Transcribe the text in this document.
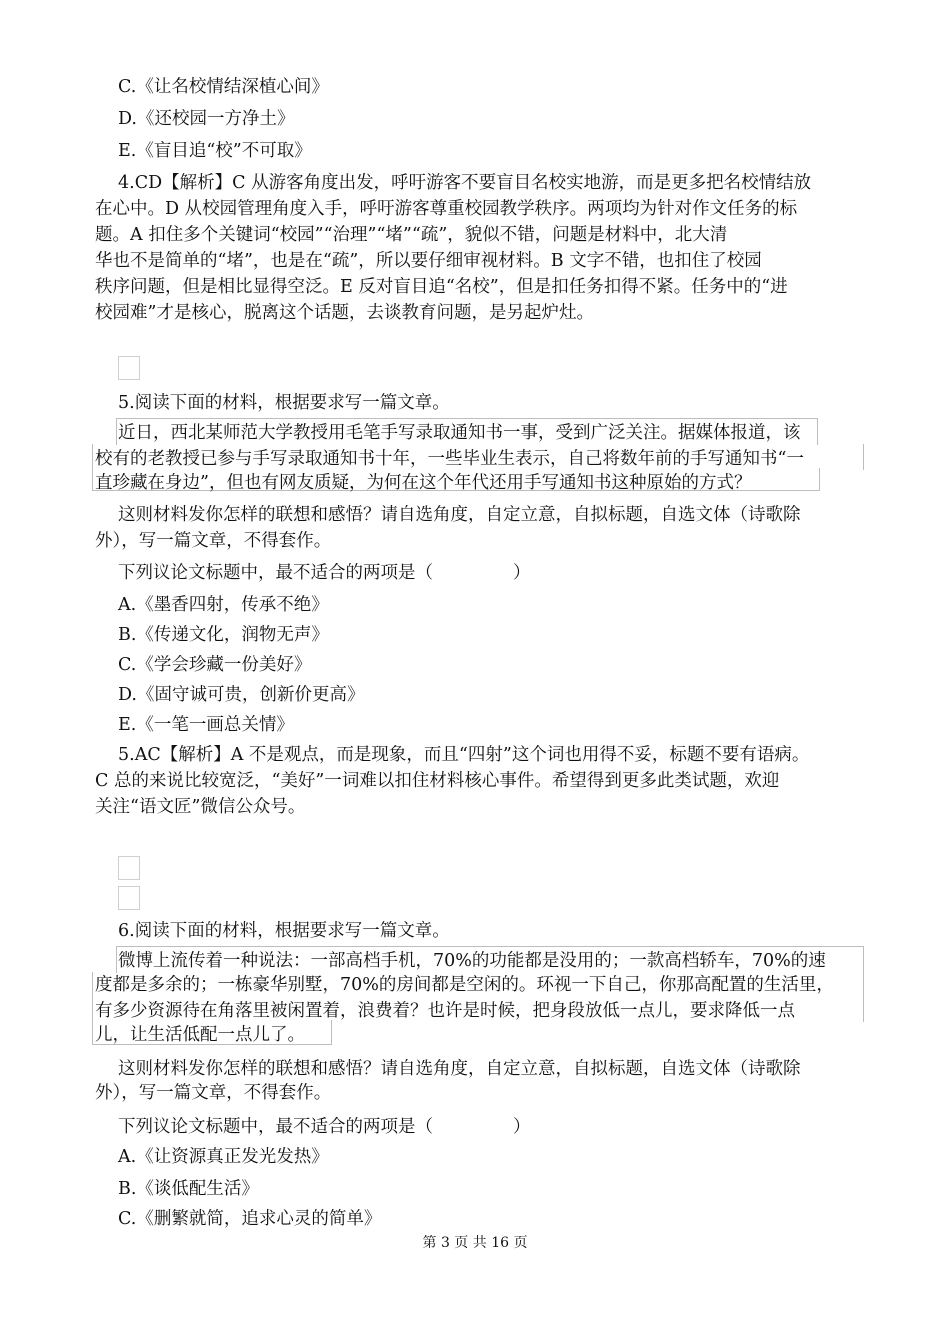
C.《让名校情结深植心间》
D.《还校园一方净土》
E.《盲目追“校”不可取》
4.CD【解析】C 从游客角度出发，呼吁游客不要盲目名校实地游，而是更多把名校情结放
在心中。D 从校园管理角度入手，呼吁游客尊重校园教学秩序。两项均为针对作文任务的标
题。A 扣住多个关键词“校园”“治理”“堵”“疏”，貌似不错，问题是材料中，北大清
华也不是简单的“堵”，也是在“疏”，所以要仔细审视材料。B 文字不错，也扣住了校园
秩序问题，但是相比显得空泛。E 反对盲目追“名校”，但是扣任务扣得不紧。任务中的“进
校园难”才是核心，脱离这个话题，去谈教育问题，是另起炉灶。
5.阅读下面的材料，根据要求写一篇文章。
近日，西北某师范大学教授用毛笔手写录取通知书一事，受到广泛关注。据媒体报道，该
校有的老教授已参与手写录取通知书十年，一些毕业生表示，自己将数年前的手写通知书“一
直珍藏在身边”，但也有网友质疑，为何在这个年代还用手写通知书这种原始的方式？
这则材料发你怎样的联想和感悟？请自选角度，自定立意，自拟标题，自选文体（诗歌除
外），写一篇文章，不得套作。
下列议论文标题中，最不适合的两项是（	）
A.《墨香四射，传承不绝》
B.《传递文化，润物无声》
C.《学会珍藏一份美好》
D.《固守诚可贵，创新价更高》
E.《一笔一画总关情》
5.AC【解析】A 不是观点，而是现象，而且“四射”这个词也用得不妥，标题不要有语病。
C 总的来说比较宽泛，“美好”一词难以扣住材料核心事件。希望得到更多此类试题，欢迎
关注“语文匠”微信公众号。
6.阅读下面的材料，根据要求写一篇文章。
微博上流传着一种说法：一部高档手机，70%的功能都是没用的；一款高档轿车，70%的速
度都是多余的；一栋豪华别墅，70%的房间都是空闲的。环视一下自己，你那高配置的生活里，
有多少资源待在角落里被闲置着，浪费着？也许是时候，把身段放低一点儿，要求降低一点
儿，让生活低配一点儿了。
这则材料发你怎样的联想和感悟？请自选角度，自定立意，自拟标题，自选文体（诗歌除
外），写一篇文章，不得套作。
下列议论文标题中，最不适合的两项是（	）
A.《让资源真正发光发热》
B.《谈低配生活》
C.《删繁就简，追求心灵的简单》
第 3 页 共 16 页
